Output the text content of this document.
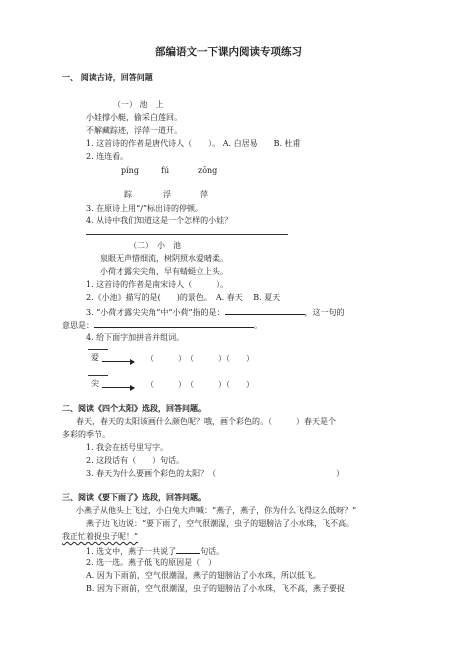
部编语文一下课内阅读专项练习
一、 阅读古诗，回答问题
（一） 池　上
小娃撑小艇，偷采白莲回。
不解藏踪迹，浮萍一道开。
1. 这首诗的作者是唐代诗人（　　）。 A. 白居易　　B. 杜甫
2. 连连看。
píng	fú	zōng
踪	浮	萍
3. 在原诗上用“/”标出诗的停顿。
4. 从诗中我们知道这是一个怎样的小娃？
（二）　小　池
泉眼无声惜细流，树阴照水爱晴柔。
小荷才露尖尖角，早有蜻蜓立上头。
1. 这首诗的作者是南宋诗人（　　　）。
2.《小池》描写的是(　　)的景色。　A. 春天　 B. 夏天
3. “小荷才露尖尖角”中“小荷”指的是：	，这一句的
意思是：	。
4. 给下面字加拼音并组词。
爱	（　　　）　（　　　）（　　）
尖	（　　　）　（　　　）（　　）
二、阅读《四个太阳》选段，回答问题。
春天，春天的太阳该画什么颜色呢？哦，画个彩色的。（　　　）春天是个
多彩的季节。
1. 我会在括号里写字。
2. 这段话有（　　）句话。
3. 春天为什么要画个彩色的太阳？（　　　　　　　　　　　　　　　）
三、阅读《要下雨了》选段，回答问题。
小燕子从他头上飞过，小白兔大声喊：“燕子，燕子，你为什么飞得这么低呀？”
燕子边飞边说：“要下雨了，空气很潮湿，虫子的翅膀沾了小水珠，飞不高。
我正忙着捉虫子呢！”
1. 选文中，燕子一共说了	句话。
2. 选一选。燕子低飞的原因是（　）
A. 因为下雨前，空气很潮湿，燕子的翅膀沾了小水珠，所以低飞。
B. 因为下雨前，空气很潮湿，虫子的翅膀沾了小水珠，飞不高，燕子要捉
